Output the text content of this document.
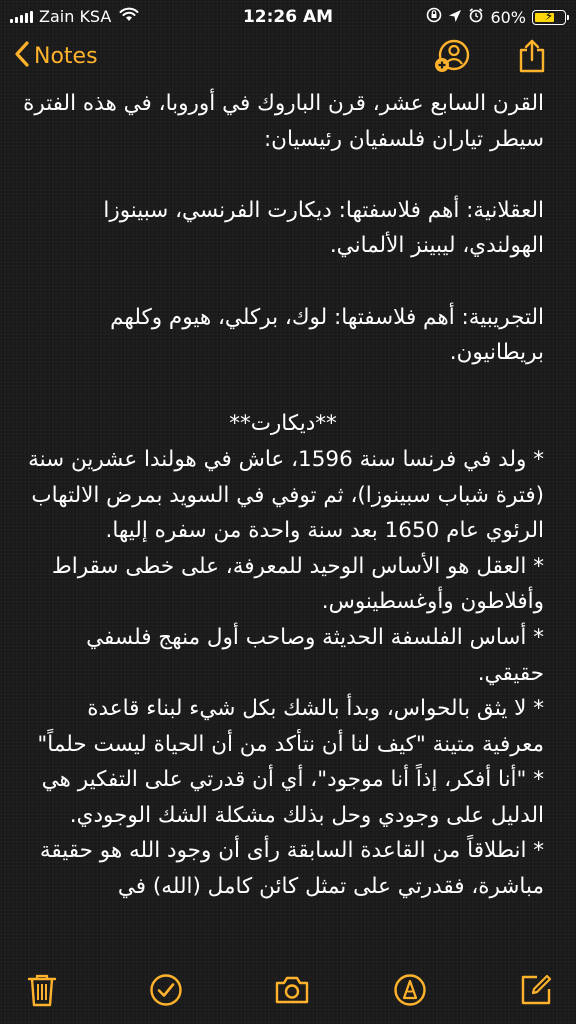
Zain KSA	12:26 AM	60%	⚡
Notes

القرن السابع عشر، قرن الباروك في أوروبا، في هذه الفترة سيطر تياران فلسفيان رئيسيان:

العقلانية: أهم فلاسفتها: ديكارت الفرنسي، سبينوزا الهولندي، ليبينز الألماني.

التجريبية: أهم فلاسفتها: لوك، بركلي، هيوم وكلهم بريطانيون.

**ديكارت**

* ولد في فرنسا سنة 1596، عاش في هولندا عشرين سنة (فترة شباب سبينوزا)، ثم توفي في السويد بمرض الالتهاب الرئوي عام 1650 بعد سنة واحدة من سفره إليها.

* العقل هو الأساس الوحيد للمعرفة، على خطى سقراط وأفلاطون وأوغسطينوس.

* أساس الفلسفة الحديثة وصاحب أول منهج فلسفي حقيقي.

* لا يثق بالحواس، وبدأ بالشك بكل شيء لبناء قاعدة معرفية متينة "كيف لنا أن نتأكد من أن الحياة ليست حلماً"

* "أنا أفكر، إذاً أنا موجود"، أي أن قدرتي على التفكير هي الدليل على وجودي وحل بذلك مشكلة الشك الوجودي.

* انطلاقاً من القاعدة السابقة رأى أن وجود الله هو حقيقة مباشرة، فقدرتي على تمثل كائن كامل (الله) في
